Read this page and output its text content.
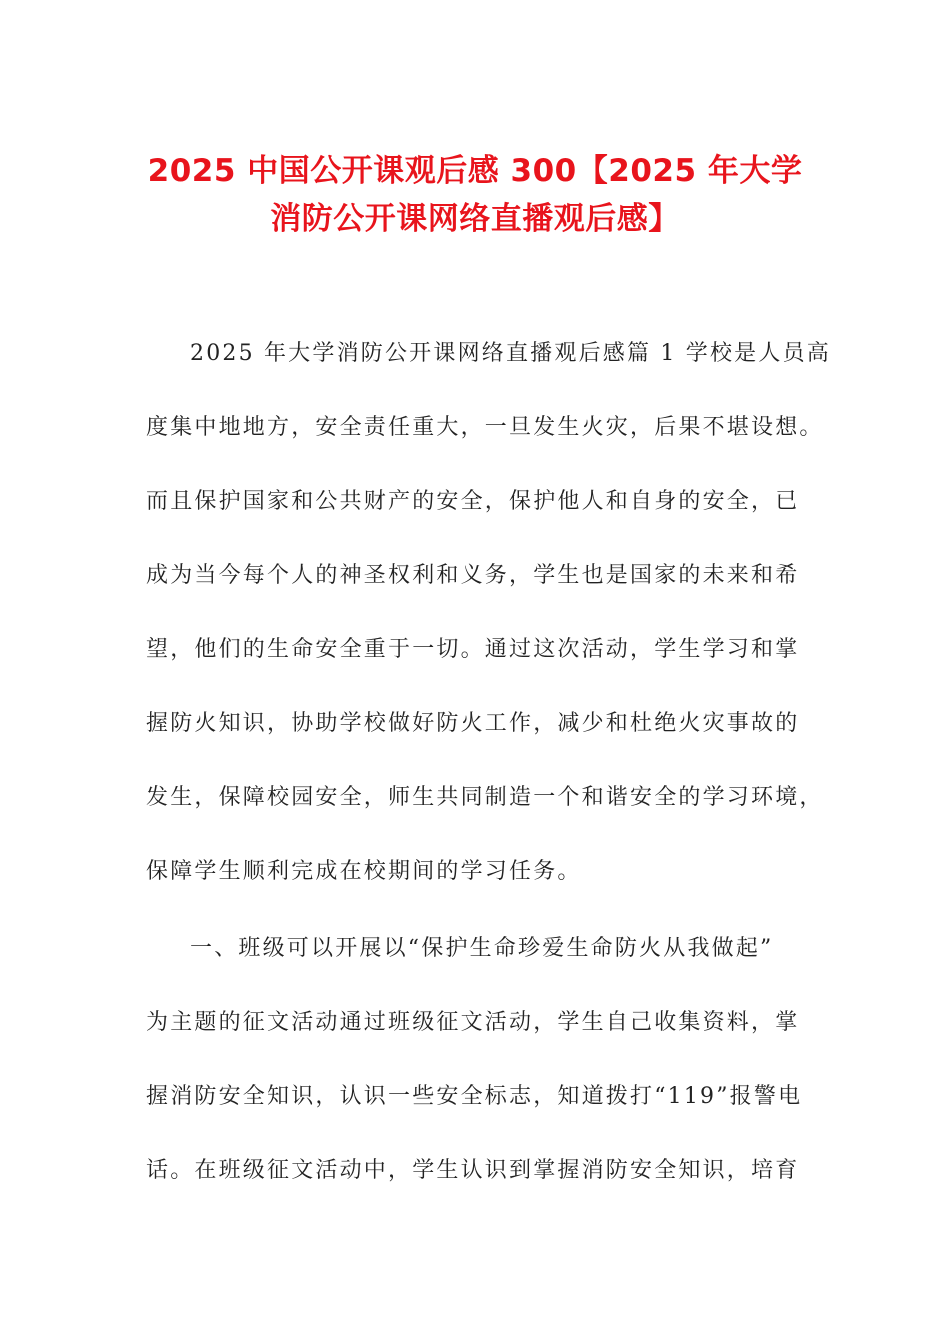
2025 中国公开课观后感 300【2025 年大学
消防公开课网络直播观后感】
2025 年大学消防公开课网络直播观后感篇 1 学校是人员高
度集中地地方，安全责任重大，一旦发生火灾，后果不堪设想。
而且保护国家和公共财产的安全，保护他人和自身的安全，已
成为当今每个人的神圣权利和义务，学生也是国家的未来和希
望，他们的生命安全重于一切。通过这次活动，学生学习和掌
握防火知识，协助学校做好防火工作，减少和杜绝火灾事故的
发生，保障校园安全，师生共同制造一个和谐安全的学习环境，
保障学生顺利完成在校期间的学习任务。
一、班级可以开展以“保护生命珍爱生命防火从我做起”
为主题的征文活动通过班级征文活动，学生自己收集资料，掌
握消防安全知识，认识一些安全标志，知道拨打“119”报警电
话。在班级征文活动中，学生认识到掌握消防安全知识，培育
